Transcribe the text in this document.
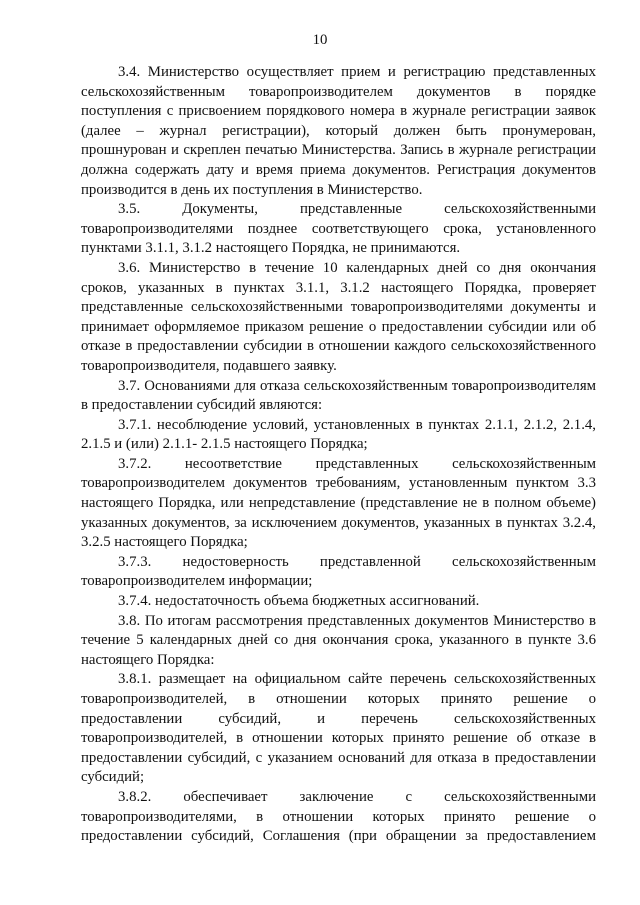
10

3.4. Министерство осуществляет прием и регистрацию представленных сельскохозяйственным товаропроизводителем документов в порядке поступления с присвоением порядкового номера в журнале регистрации заявок (далее – журнал регистрации), который должен быть пронумерован, прошнурован и скреплен печатью Министерства. Запись в журнале регистрации должна содержать дату и время приема документов. Регистрация документов производится в день их поступления в Министерство.

3.5. Документы, представленные сельскохозяйственными товаропроизводителями позднее соответствующего срока, установленного пунктами 3.1.1, 3.1.2 настоящего Порядка, не принимаются.

3.6. Министерство в течение 10 календарных дней со дня окончания сроков, указанных в пунктах 3.1.1, 3.1.2 настоящего Порядка, проверяет представленные сельскохозяйственными товаропроизводителями документы и принимает оформляемое приказом решение о предоставлении субсидии или об отказе в предоставлении субсидии в отношении каждого сельскохозяйственного товаропроизводителя, подавшего заявку.

3.7. Основаниями для отказа сельскохозяйственным товаропроизводителям в предоставлении субсидий являются:

3.7.1. несоблюдение условий, установленных в пунктах 2.1.1, 2.1.2, 2.1.4, 2.1.5 и (или) 2.1.1- 2.1.5 настоящего Порядка;

3.7.2. несоответствие представленных сельскохозяйственным товаропроизводителем документов требованиям, установленным пунктом 3.3 настоящего Порядка, или непредставление (представление не в полном объеме) указанных документов, за исключением документов, указанных в пунктах 3.2.4, 3.2.5 настоящего Порядка;

3.7.3. недостоверность представленной сельскохозяйственным товаропроизводителем информации;

3.7.4. недостаточность объема бюджетных ассигнований.

3.8. По итогам рассмотрения представленных документов Министерство в течение 5 календарных дней со дня окончания срока, указанного в пункте 3.6 настоящего Порядка:

3.8.1. размещает на официальном сайте перечень сельскохозяйственных товаропроизводителей, в отношении которых принято решение о предоставлении субсидий, и перечень сельскохозяйственных товаропроизводителей, в отношении которых принято решение об отказе в предоставлении субсидий, с указанием оснований для отказа в предоставлении субсидий;

3.8.2. обеспечивает заключение с сельскохозяйственными товаропроизводителями, в отношении которых принято решение о предоставлении субсидий, Соглашения (при обращении за предоставлением
